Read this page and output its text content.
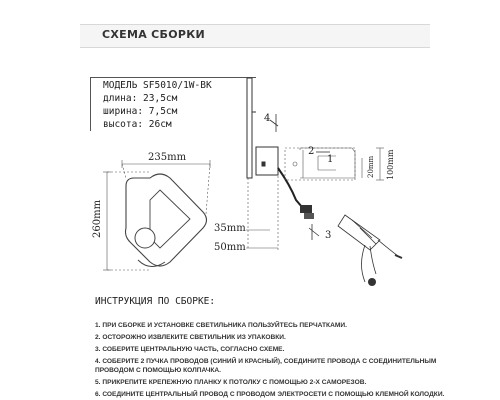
СХЕМА СБОРКИ
МОДЕЛЬ SF5010/1W-BK
длина: 23,5см
ширина: 7,5см
высота: 26см
235mm
260mm
4
3
35mm
50mm
2
1	100mm
20mm
ИНСТРУКЦИЯ ПО СБОРКЕ:
1. ПРИ СБОРКЕ И УСТАНОВКЕ СВЕТИЛЬНИКА ПОЛЬЗУЙТЕСЬ ПЕРЧАТКАМИ.
2. ОСТОРОЖНО ИЗВЛЕКИТЕ СВЕТИЛЬНИК ИЗ УПАКОВКИ.
3. СОБЕРИТЕ ЦЕНТРАЛЬНУЮ ЧАСТЬ, СОГЛАСНО СХЕМЕ.
4. СОБЕРИТЕ 2 ПУЧКА ПРОВОДОВ (СИНИЙ И КРАСНЫЙ), СОЕДИНИТЕ ПРОВОДА С СОЕДИНИТЕЛЬНЫМ
ПРОВОДОМ С ПОМОЩЬЮ КОЛПАЧКА.
5. ПРИКРЕПИТЕ КРЕПЕЖНУЮ ПЛАНКУ К ПОТОЛКУ С ПОМОЩЬЮ 2-Х САМОРЕЗОВ.
6. СОЕДИНИТЕ ЦЕНТРАЛЬНЫЙ ПРОВОД С ПРОВОДОМ ЭЛЕКТРОСЕТИ С ПОМОЩЬЮ КЛЕМНОЙ КОЛОДКИ.
